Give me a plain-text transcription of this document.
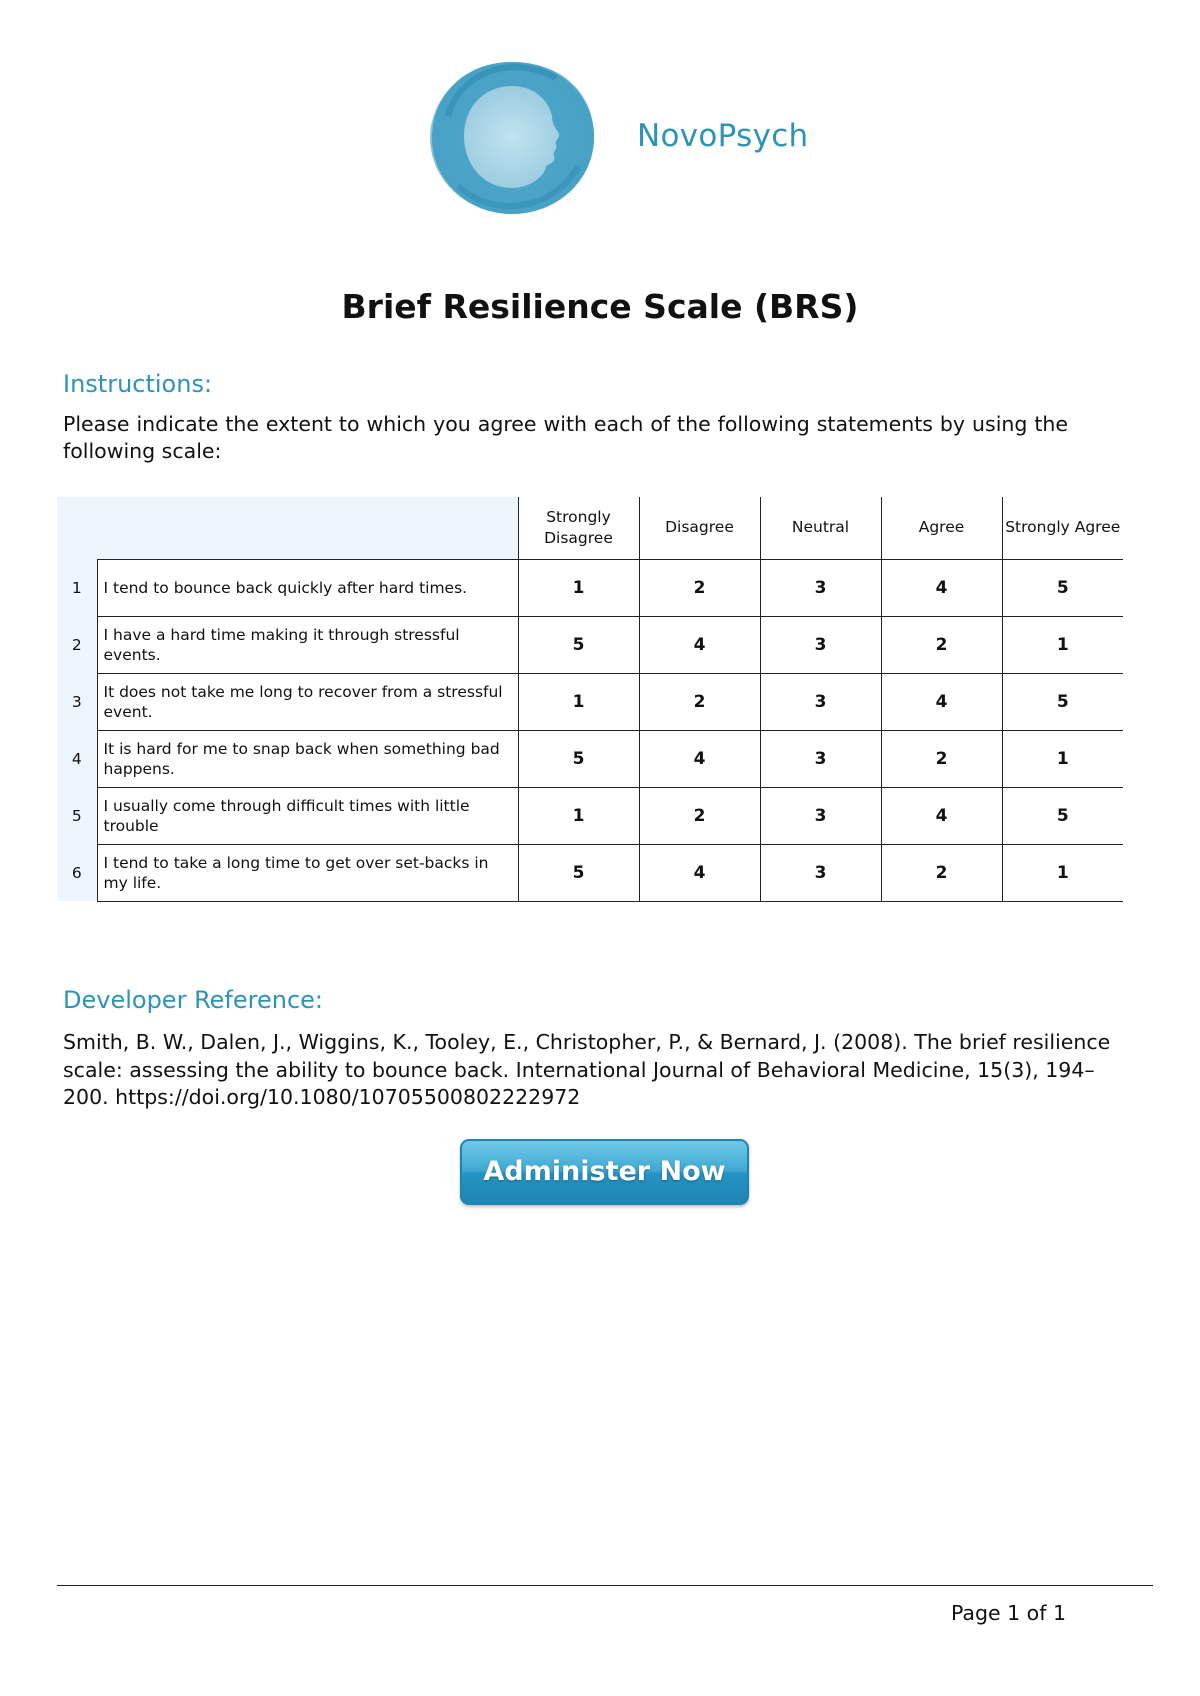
NovoPsych
Brief Resilience Scale (BRS)
Instructions:
Please indicate the extent to which you agree with each of the following statements by using the following scale:
		Strongly Disagree	Disagree	Neutral	Agree	Strongly Agree
1	I tend to bounce back quickly after hard times.	1	2	3	4	5
2	I have a hard time making it through stressful events.	5	4	3	2	1
3	It does not take me long to recover from a stressful event.	1	2	3	4	5
4	It is hard for me to snap back when something bad happens.	5	4	3	2	1
5	I usually come through difficult times with little trouble	1	2	3	4	5
6	I tend to take a long time to get over set-backs in my life.	5	4	3	2	1
Developer Reference:
Smith, B. W., Dalen, J., Wiggins, K., Tooley, E., Christopher, P., & Bernard, J. (2008). The brief resilience scale: assessing the ability to bounce back. International Journal of Behavioral Medicine, 15(3), 194–200. https://doi.org/10.1080/10705500802222972
Administer Now
Page 1 of 1
